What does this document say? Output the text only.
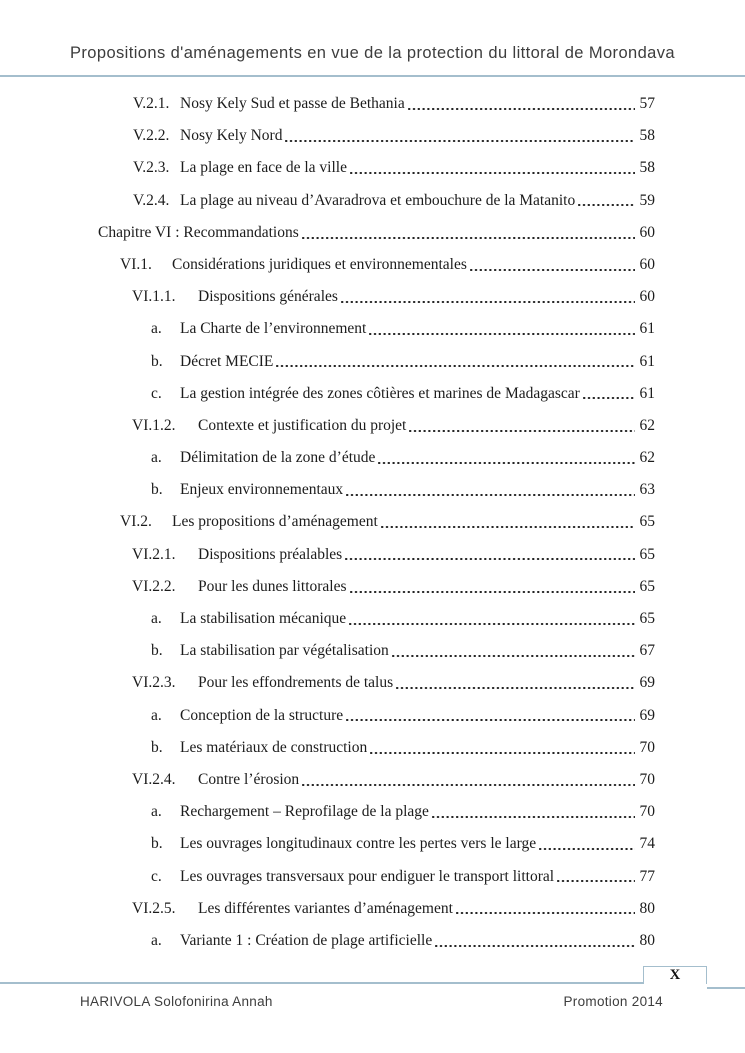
Propositions d'aménagements en vue de la protection du littoral de Morondava
V.2.1. Nosy Kely Sud et passe de Bethania	57
V.2.2. Nosy Kely Nord	58
V.2.3. La plage en face de la ville	58
V.2.4. La plage au niveau d’Avaradrova et embouchure de la Matanito	59
Chapitre VI : Recommandations	60
VI.1.	Considérations juridiques et environnementales	60
VI.1.1.	Dispositions générales	60
a.	La Charte de l’environnement	61
b.	Décret MECIE	61
c.	La gestion intégrée des zones côtières et marines de Madagascar	61
VI.1.2.	Contexte et justification du projet	62
a.	Délimitation de la zone d’étude	62
b.	Enjeux environnementaux	63
VI.2.	Les propositions d’aménagement	65
VI.2.1.	Dispositions préalables	65
VI.2.2.	Pour les dunes littorales	65
a.	La stabilisation mécanique	65
b.	La stabilisation par végétalisation	67
VI.2.3.	Pour les effondrements de talus	69
a.	Conception de la structure	69
b.	Les matériaux de construction	70
VI.2.4.	Contre l’érosion	70
a.	Rechargement – Reprofilage de la plage	70
b.	Les ouvrages longitudinaux contre les pertes vers le large	74
c.	Les ouvrages transversaux pour endiguer le transport littoral	77
VI.2.5.	Les différentes variantes d’aménagement	80
a.	Variante 1 : Création de plage artificielle	80
X
HARIVOLA Solofonirina Annah	Promotion 2014
